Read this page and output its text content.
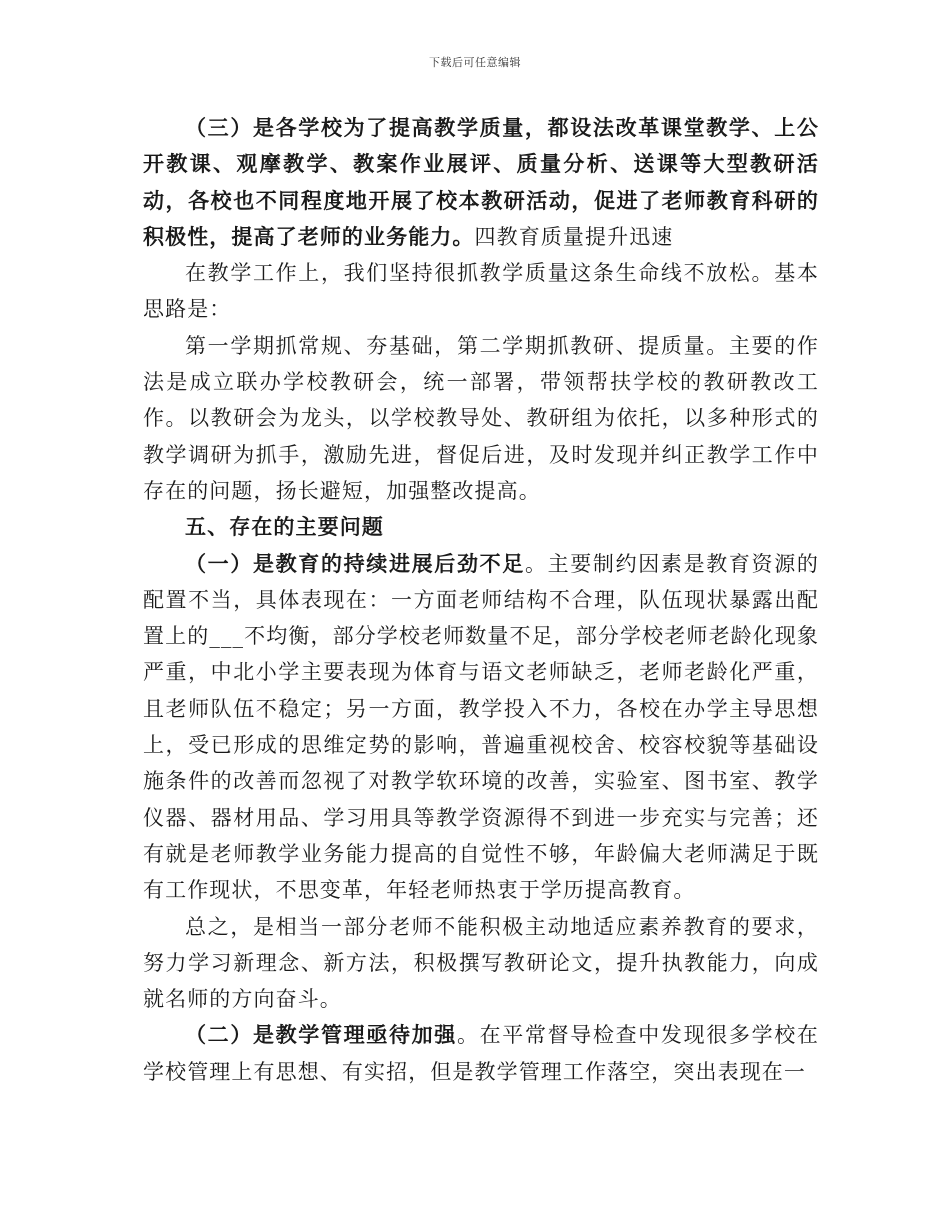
下载后可任意编辑

（三）是各学校为了提高教学质量，都设法改革课堂教学、上公开教课、观摩教学、教案作业展评、质量分析、送课等大型教研活动，各校也不同程度地开展了校本教研活动，促进了老师教育科研的积极性，提高了老师的业务能力。四教育质量提升迅速

在教学工作上，我们坚持很抓教学质量这条生命线不放松。基本思路是：

第一学期抓常规、夯基础，第二学期抓教研、提质量。主要的作法是成立联办学校教研会，统一部署，带领帮扶学校的教研教改工作。以教研会为龙头，以学校教导处、教研组为依托，以多种形式的教学调研为抓手，激励先进，督促后进，及时发现并纠正教学工作中存在的问题，扬长避短，加强整改提高。

五、存在的主要问题

（一）是教育的持续进展后劲不足。主要制约因素是教育资源的配置不当，具体表现在：一方面老师结构不合理，队伍现状暴露出配置上的___不均衡，部分学校老师数量不足，部分学校老师老龄化现象严重，中北小学主要表现为体育与语文老师缺乏，老师老龄化严重，且老师队伍不稳定；另一方面，教学投入不力，各校在办学主导思想上，受已形成的思维定势的影响，普遍重视校舍、校容校貌等基础设施条件的改善而忽视了对教学软环境的改善，实验室、图书室、教学仪器、器材用品、学习用具等教学资源得不到进一步充实与完善；还有就是老师教学业务能力提高的自觉性不够，年龄偏大老师满足于既有工作现状，不思变革，年轻老师热衷于学历提高教育。

总之，是相当一部分老师不能积极主动地适应素养教育的要求，努力学习新理念、新方法，积极撰写教研论文，提升执教能力，向成就名师的方向奋斗。

（二）是教学管理亟待加强。在平常督导检查中发现很多学校在学校管理上有思想、有实招，但是教学管理工作落空，突出表现在一
